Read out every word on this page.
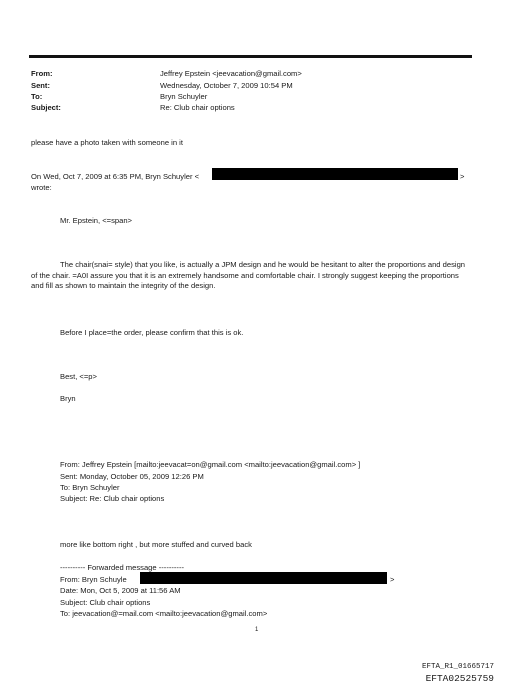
From:	Jeffrey Epstein <jeevacation@gmail.com>
Sent:	Wednesday, October 7, 2009 10:54 PM
To:	Bryn Schuyler
Subject:	Re: Club chair options
please have a photo taken with someone in it
On Wed, Oct 7, 2009 at 6:35 PM, Bryn Schuyler <	>
wrote:
Mr. Epstein, <=span>
The chair(snai= style) that you like, is actually a JPM design and he would be hesitant to alter the proportions and design of the chair. =A0I assure you that it is an extremely handsome and comfortable chair. I strongly suggest keeping the proportions and fill as shown to maintain the integrity of the design.
Before I place=the order, please confirm that this is ok.
Best, <=p>
Bryn
From: Jeffrey Epstein [mailto:jeevacat=on@gmail.com <mailto:jeevacation@gmail.com> ]
Sent: Monday, October 05, 2009 12:26 PM
To: Bryn Schuyler
Subject: Re: Club chair options
more like bottom right , but more stuffed and curved back
---------- Forwarded message ----------
From: Bryn Schuyle	>
Date: Mon, Oct 5, 2009 at 11:56 AM
Subject: Club chair options
To: jeevacation@=mail.com <mailto:jeevacation@gmail.com>
1
EFTA_R1_01665717
EFTA02525759
